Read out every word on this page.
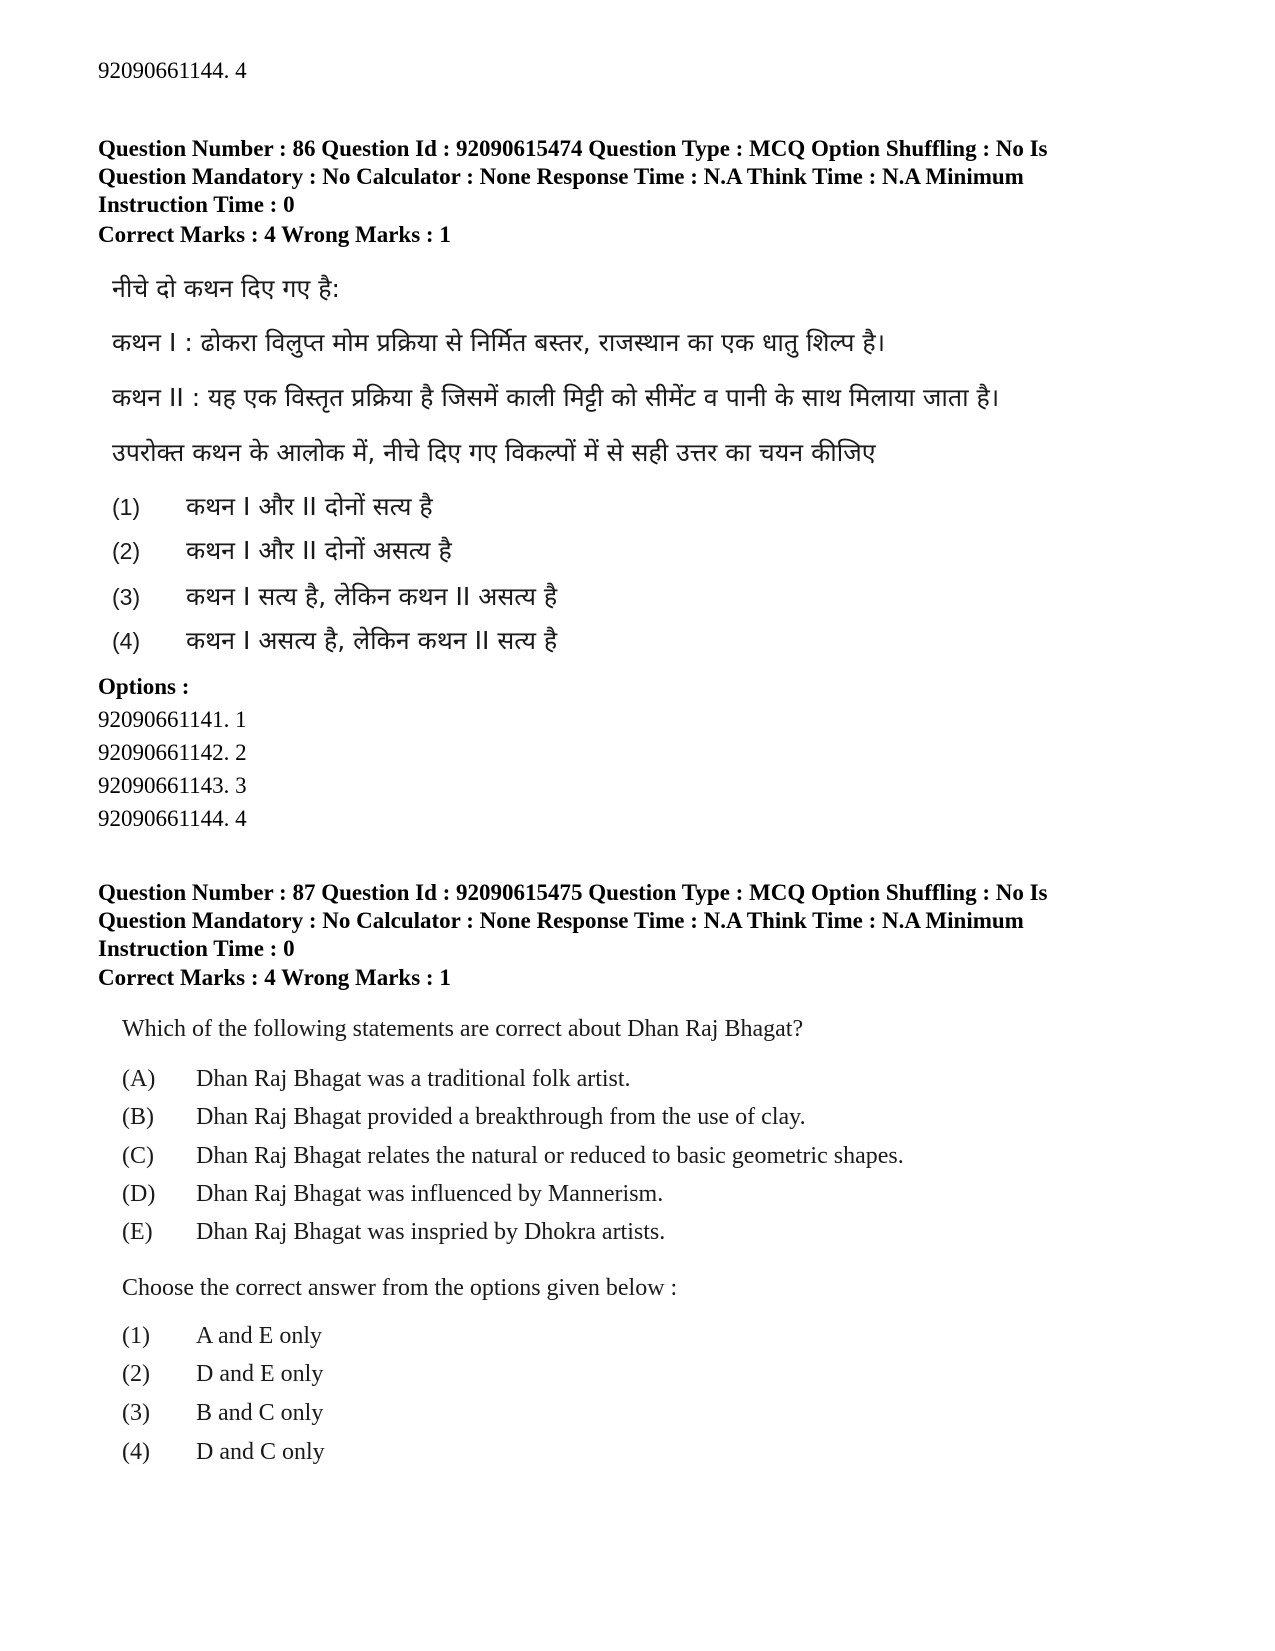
92090661144. 4
Question Number : 86 Question Id : 92090615474 Question Type : MCQ Option Shuffling : No Is
Question Mandatory : No Calculator : None Response Time : N.A Think Time : N.A Minimum
Instruction Time : 0
Correct Marks : 4 Wrong Marks : 1
नीचे दो कथन दिए गए है:
कथन I : ढोकरा विलुप्त मोम प्रक्रिया से निर्मित बस्तर, राजस्थान का एक धातु शिल्प है।
कथन II : यह एक विस्तृत प्रक्रिया है जिसमें काली मिट्टी को सीमेंट व पानी के साथ मिलाया जाता है।
उपरोक्त कथन के आलोक में, नीचे दिए गए विकल्पों में से सही उत्तर का चयन कीजिए
(1) कथन I और II दोनों सत्य है
(2) कथन I और II दोनों असत्य है
(3) कथन I सत्य है, लेकिन कथन II असत्य है
(4) कथन I असत्य है, लेकिन कथन II सत्य है
Options :
92090661141. 1
92090661142. 2
92090661143. 3
92090661144. 4
Question Number : 87 Question Id : 92090615475 Question Type : MCQ Option Shuffling : No Is
Question Mandatory : No Calculator : None Response Time : N.A Think Time : N.A Minimum
Instruction Time : 0
Correct Marks : 4 Wrong Marks : 1
Which of the following statements are correct about Dhan Raj Bhagat?
(A) Dhan Raj Bhagat was a traditional folk artist.
(B) Dhan Raj Bhagat provided a breakthrough from the use of clay.
(C) Dhan Raj Bhagat relates the natural or reduced to basic geometric shapes.
(D) Dhan Raj Bhagat was influenced by Mannerism.
(E) Dhan Raj Bhagat was inspried by Dhokra artists.
Choose the correct answer from the options given below :
(1) A and E only
(2) D and E only
(3) B and C only
(4) D and C only
